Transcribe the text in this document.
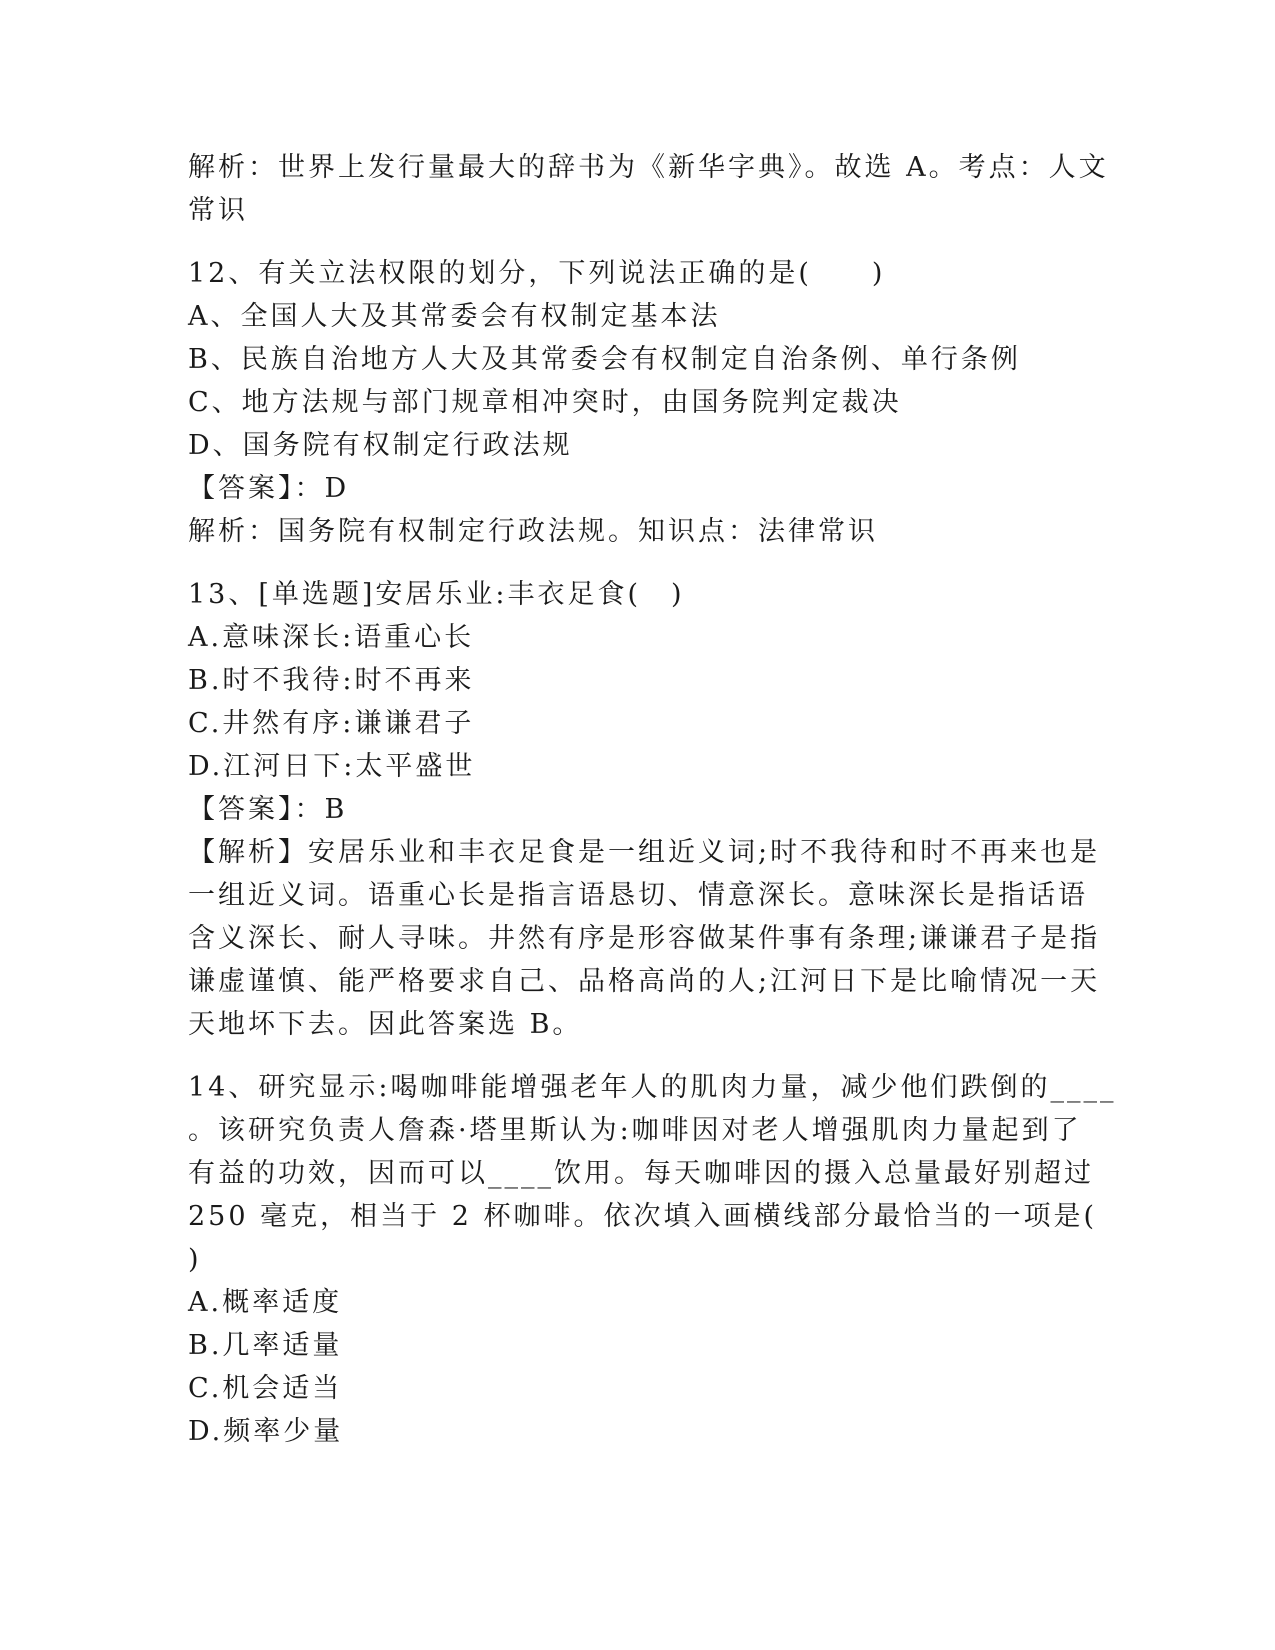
解析：世界上发行量最大的辞书为《新华字典》。故选 A。考点：人文
常识
12、有关立法权限的划分，下列说法正确的是(　　)
A、全国人大及其常委会有权制定基本法
B、民族自治地方人大及其常委会有权制定自治条例、单行条例
C、地方法规与部门规章相冲突时，由国务院判定裁决
D、国务院有权制定行政法规
【答案】：D
解析：国务院有权制定行政法规。知识点：法律常识
13、[单选题]安居乐业:丰衣足食(　)
A.意味深长:语重心长
B.时不我待:时不再来
C.井然有序:谦谦君子
D.江河日下:太平盛世
【答案】：B
【解析】安居乐业和丰衣足食是一组近义词;时不我待和时不再来也是
一组近义词。语重心长是指言语恳切、情意深长。意味深长是指话语
含义深长、耐人寻味。井然有序是形容做某件事有条理;谦谦君子是指
谦虚谨慎、能严格要求自己、品格高尚的人;江河日下是比喻情况一天
天地坏下去。因此答案选 B。
14、研究显示:喝咖啡能增强老年人的肌肉力量，减少他们跌倒的____
。该研究负责人詹森·塔里斯认为:咖啡因对老人增强肌肉力量起到了
有益的功效，因而可以____饮用。每天咖啡因的摄入总量最好别超过
250 毫克，相当于 2 杯咖啡。依次填入画横线部分最恰当的一项是(
)
A.概率适度
B.几率适量
C.机会适当
D.频率少量
